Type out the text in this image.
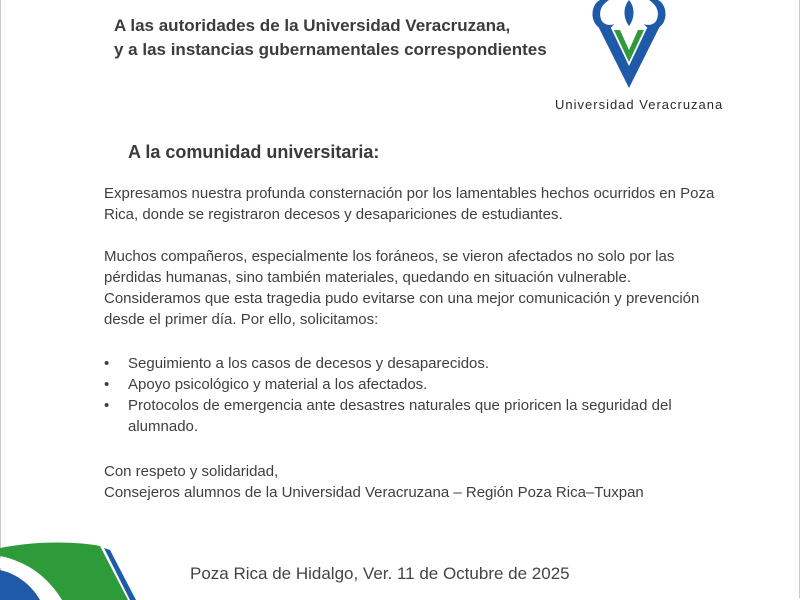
A las autoridades de la Universidad Veracruzana,
y a las instancias gubernamentales correspondientes
Universidad Veracruzana
A la comunidad universitaria:

Expresamos nuestra profunda consternación por los lamentables hechos ocurridos en Poza Rica, donde se registraron decesos y desapariciones de estudiantes.

Muchos compañeros, especialmente los foráneos, se vieron afectados no solo por las pérdidas humanas, sino también materiales, quedando en situación vulnerable. Consideramos que esta tragedia pudo evitarse con una mejor comunicación y prevención desde el primer día. Por ello, solicitamos:

• Seguimiento a los casos de decesos y desaparecidos.
• Apoyo psicológico y material a los afectados.
• Protocolos de emergencia ante desastres naturales que prioricen la seguridad del alumnado.

Con respeto y solidaridad,
Consejeros alumnos de la Universidad Veracruzana – Región Poza Rica–Tuxpan

Poza Rica de Hidalgo, Ver. 11 de Octubre de 2025
